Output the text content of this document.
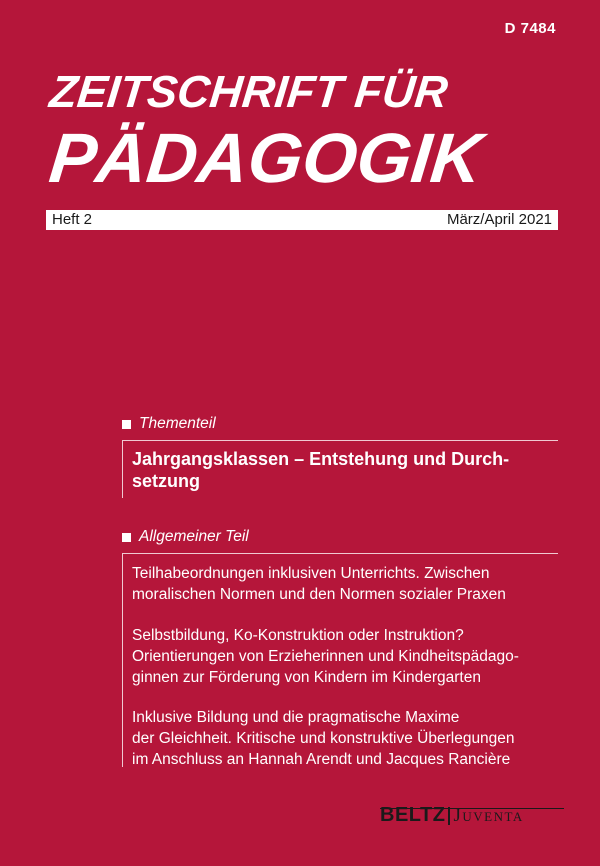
D 7484
ZEITSCHRIFT FÜR
PÄDAGOGIK
Heft 2	März/April 2021
Thementeil
Jahrgangsklassen – Entstehung und Durch-
setzung
Allgemeiner Teil
Teilhabeordnungen inklusiven Unterrichts. Zwischen
moralischen Normen und den Normen sozialer Praxen
Selbstbildung, Ko-Konstruktion oder Instruktion?
Orientierungen von Erzieherinnen und Kindheitspädago-
ginnen zur Förderung von Kindern im Kindergarten
Inklusive Bildung und die pragmatische Maxime
der Gleichheit. Kritische und konstruktive Überlegungen
im Anschluss an Hannah Arendt und Jacques Rancière
BELTZ Juventa
